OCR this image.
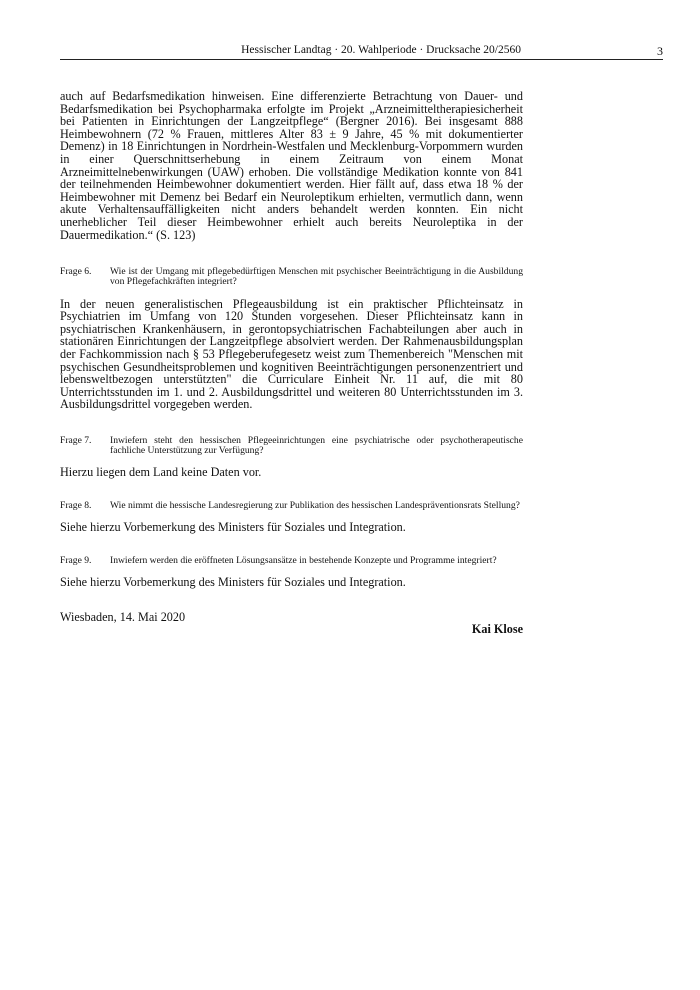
Hessischer Landtag · 20. Wahlperiode · Drucksache 20/2560	3

auch auf Bedarfsmedikation hinweisen. Eine differenzierte Betrachtung von Dauer- und Bedarfsmedikation bei Psychopharmaka erfolgte im Projekt „Arzneimitteltherapiesicherheit bei Patienten in Einrichtungen der Langzeitpflege“ (Bergner 2016). Bei insgesamt 888 Heimbewohnern (72 % Frauen, mittleres Alter 83 ± 9 Jahre, 45 % mit dokumentierter Demenz) in 18 Einrichtungen in Nordrhein-Westfalen und Mecklenburg-Vorpommern wurden in einer Querschnittserhebung in einem Zeitraum von einem Monat Arzneimittelnebenwirkungen (UAW) erhoben. Die vollständige Medikation konnte von 841 der teilnehmenden Heimbewohner dokumentiert werden. Hier fällt auf, dass etwa 18 % der Heimbewohner mit Demenz bei Bedarf ein Neuroleptikum erhielten, vermutlich dann, wenn akute Verhaltensauffälligkeiten nicht anders behandelt werden konnten. Ein nicht unerheblicher Teil dieser Heimbewohner erhielt auch bereits Neuroleptika in der Dauermedikation.“ (S. 123)

Frage 6.	Wie ist der Umgang mit pflegebedürftigen Menschen mit psychischer Beeinträchtigung in die Ausbildung von Pflegefachkräften integriert?

In der neuen generalistischen Pflegeausbildung ist ein praktischer Pflichteinsatz in Psychiatrien im Umfang von 120 Stunden vorgesehen. Dieser Pflichteinsatz kann in psychiatrischen Krankenhäusern, in gerontopsychiatrischen Fachabteilungen aber auch in stationären Einrichtungen der Langzeitpflege absolviert werden. Der Rahmenausbildungsplan der Fachkommission nach § 53 Pflegeberufegesetz weist zum Themenbereich "Menschen mit psychischen Gesundheitsproblemen und kognitiven Beeinträchtigungen personenzentriert und lebensweltbezogen unterstützten" die Curriculare Einheit Nr. 11 auf, die mit 80 Unterrichtsstunden im 1. und 2. Ausbildungsdrittel und weiteren 80 Unterrichtsstunden im 3. Ausbildungsdrittel vorgegeben werden.

Frage 7.	Inwiefern steht den hessischen Pflegeeinrichtungen eine psychiatrische oder psychotherapeutische fachliche Unterstützung zur Verfügung?

Hierzu liegen dem Land keine Daten vor.

Frage 8.	Wie nimmt die hessische Landesregierung zur Publikation des hessischen Landespräventionsrats Stellung?

Siehe hierzu Vorbemerkung des Ministers für Soziales und Integration.

Frage 9.	Inwiefern werden die eröffneten Lösungsansätze in bestehende Konzepte und Programme integriert?

Siehe hierzu Vorbemerkung des Ministers für Soziales und Integration.

Wiesbaden, 14. Mai 2020
Kai Klose
